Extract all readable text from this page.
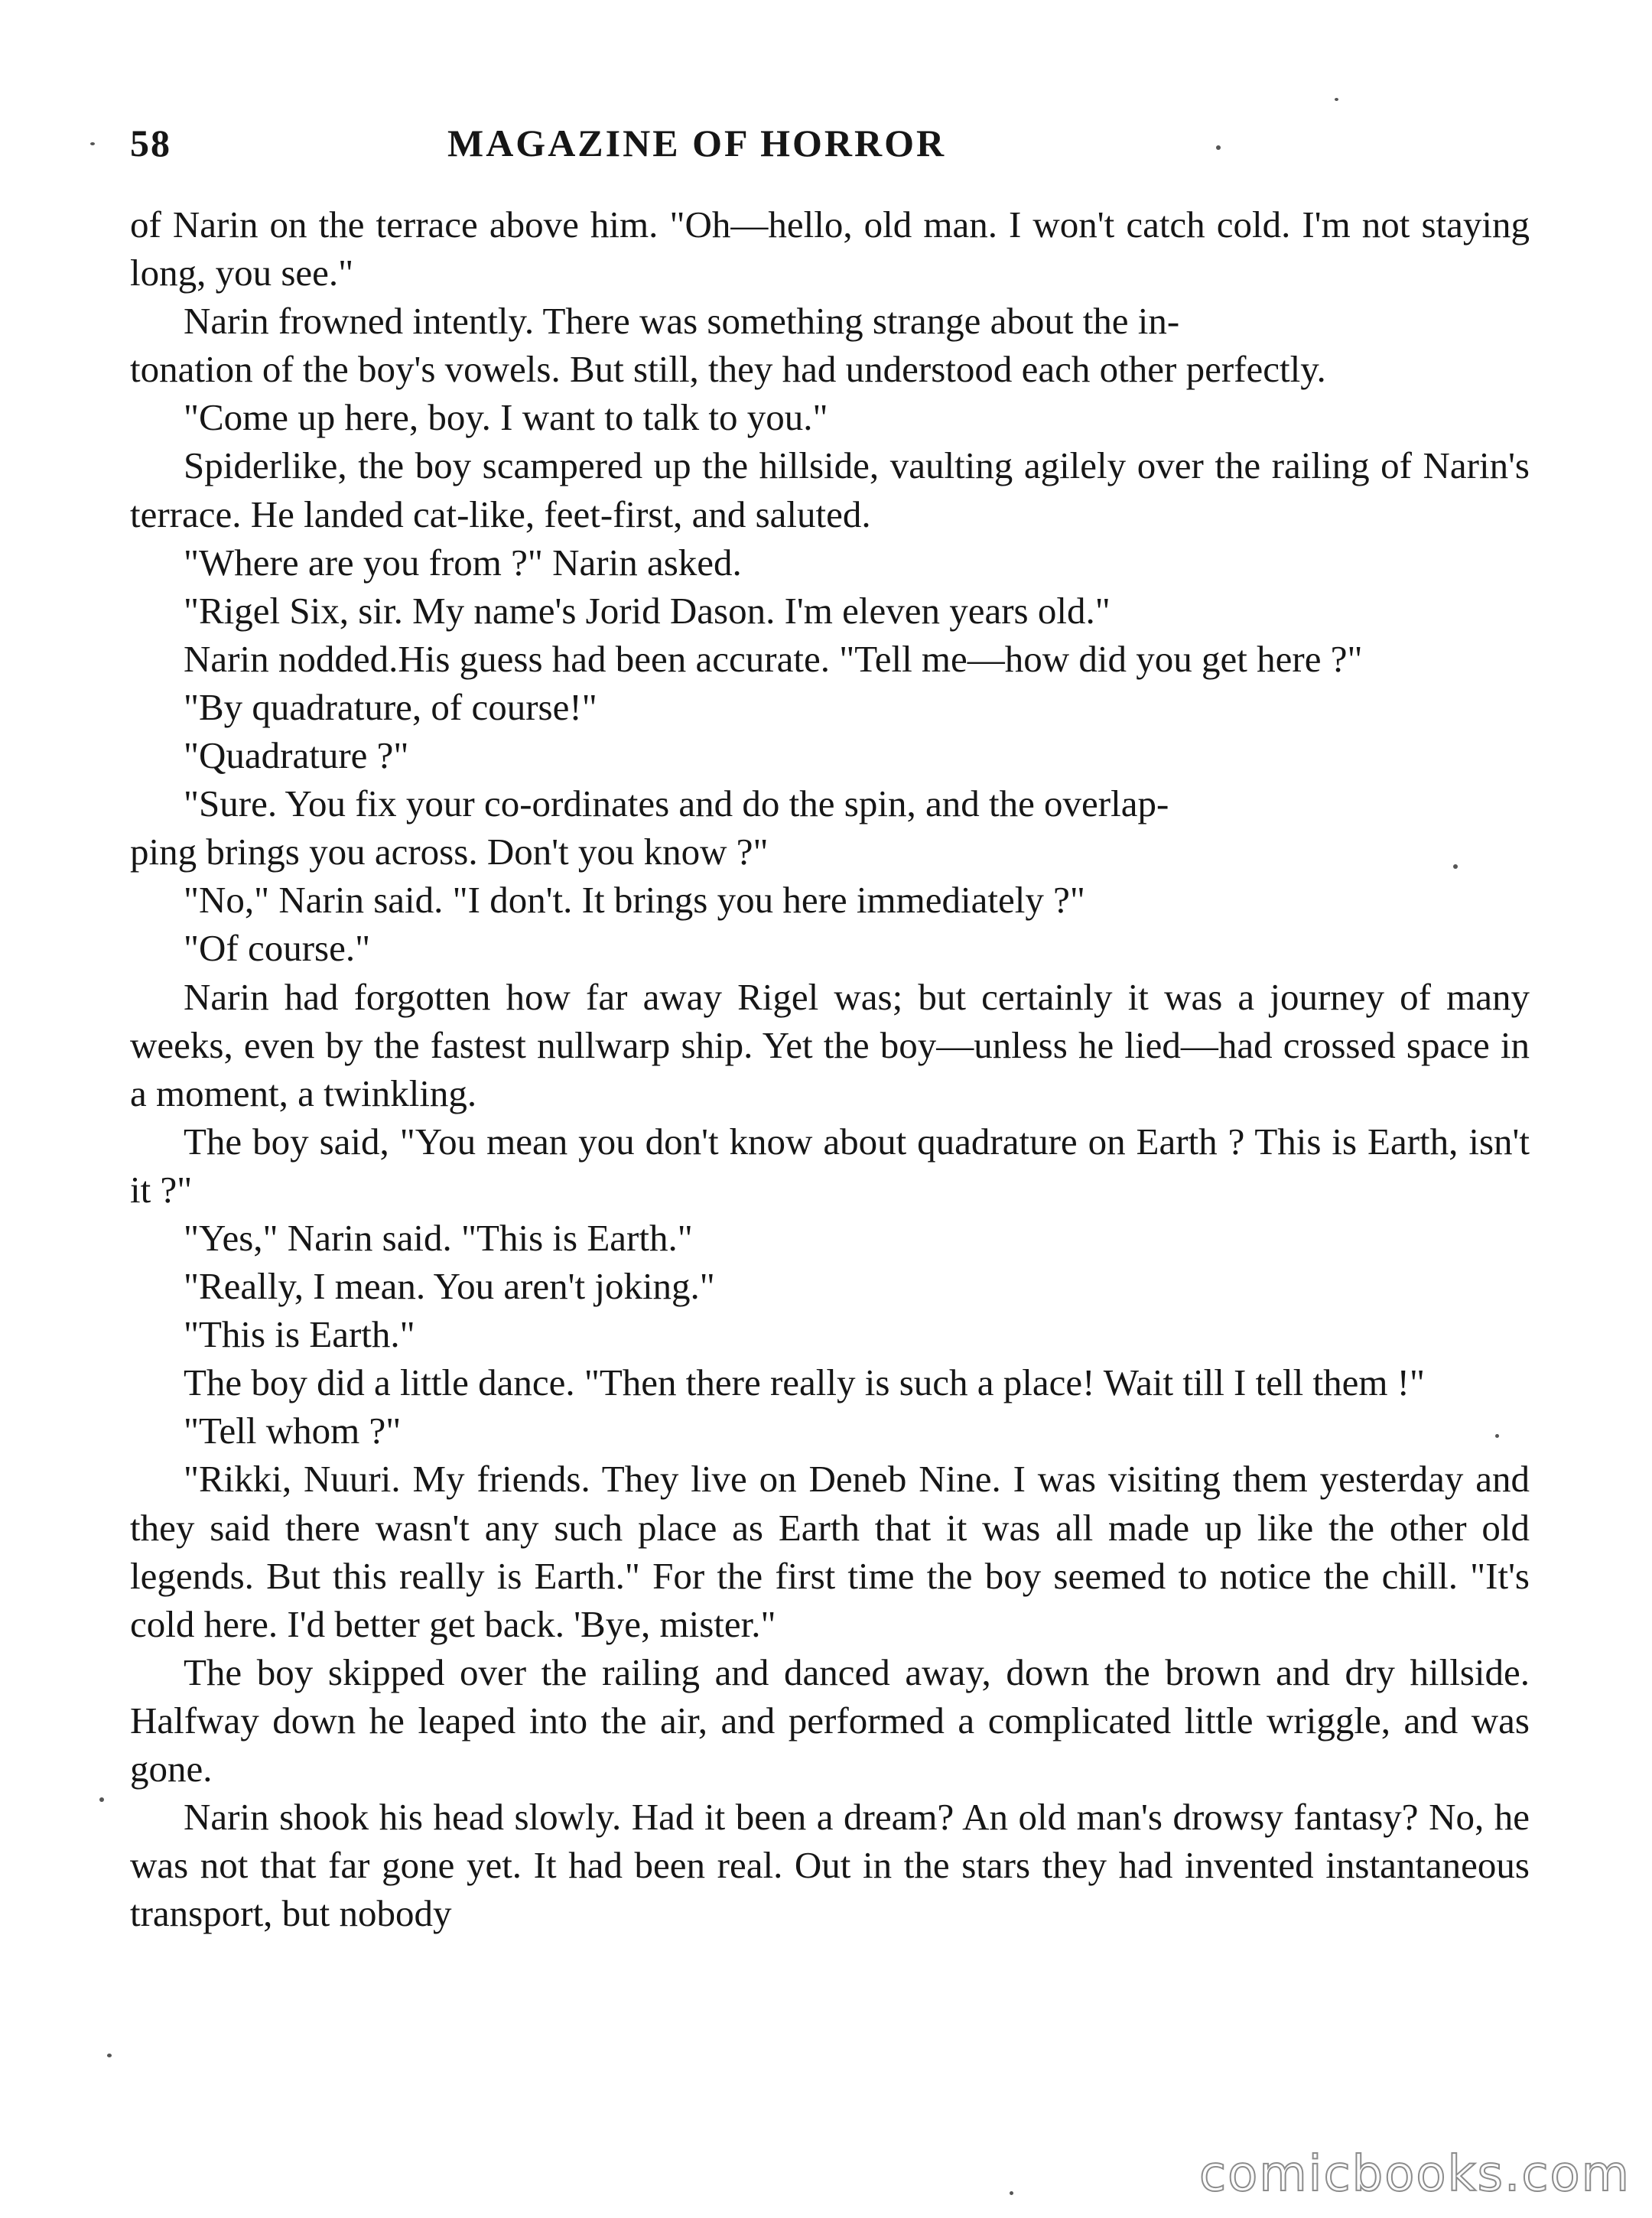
58	MAGAZINE OF HORROR

of Narin on the terrace above him. "Oh—hello, old man. I won't catch cold. I'm not staying long, you see."

Narin frowned intently. There was something strange about the in-
tonation of the boy's vowels. But still, they had understood each other perfectly.

"Come up here, boy. I want to talk to you."

Spiderlike, the boy scampered up the hillside, vaulting agilely over the railing of Narin's terrace. He landed cat-like, feet-first, and saluted.

"Where are you from ?" Narin asked.

"Rigel Six, sir. My name's Jorid Dason. I'm eleven years old."

Narin nodded.His guess had been accurate. "Tell me—how did you get here ?"

"By quadrature, of course!"

"Quadrature ?"

"Sure. You fix your co-ordinates and do the spin, and the overlap-
ping brings you across. Don't you know ?"

"No," Narin said. "I don't. It brings you here immediately ?"

"Of course."

Narin had forgotten how far away Rigel was; but certainly it was a journey of many weeks, even by the fastest nullwarp ship. Yet the boy—unless he lied—had crossed space in a moment, a twinkling.

The boy said, "You mean you don't know about quadrature on Earth ? This is Earth, isn't it ?"

"Yes," Narin said. "This is Earth."

"Really, I mean. You aren't joking."

"This is Earth."

The boy did a little dance. "Then there really is such a place! Wait till I tell them !"

"Tell whom ?"

"Rikki, Nuuri. My friends. They live on Deneb Nine. I was visiting them yesterday and they said there wasn't any such place as Earth that it was all made up like the other old legends. But this really is Earth." For the first time the boy seemed to notice the chill. "It's cold here. I'd better get back. 'Bye, mister."

The boy skipped over the railing and danced away, down the brown and dry hillside. Halfway down he leaped into the air, and performed a complicated little wriggle, and was gone.

Narin shook his head slowly. Had it been a dream? An old man's drowsy fantasy? No, he was not that far gone yet. It had been real. Out in the stars they had invented instantaneous transport, but nobody

comicbooks.com
